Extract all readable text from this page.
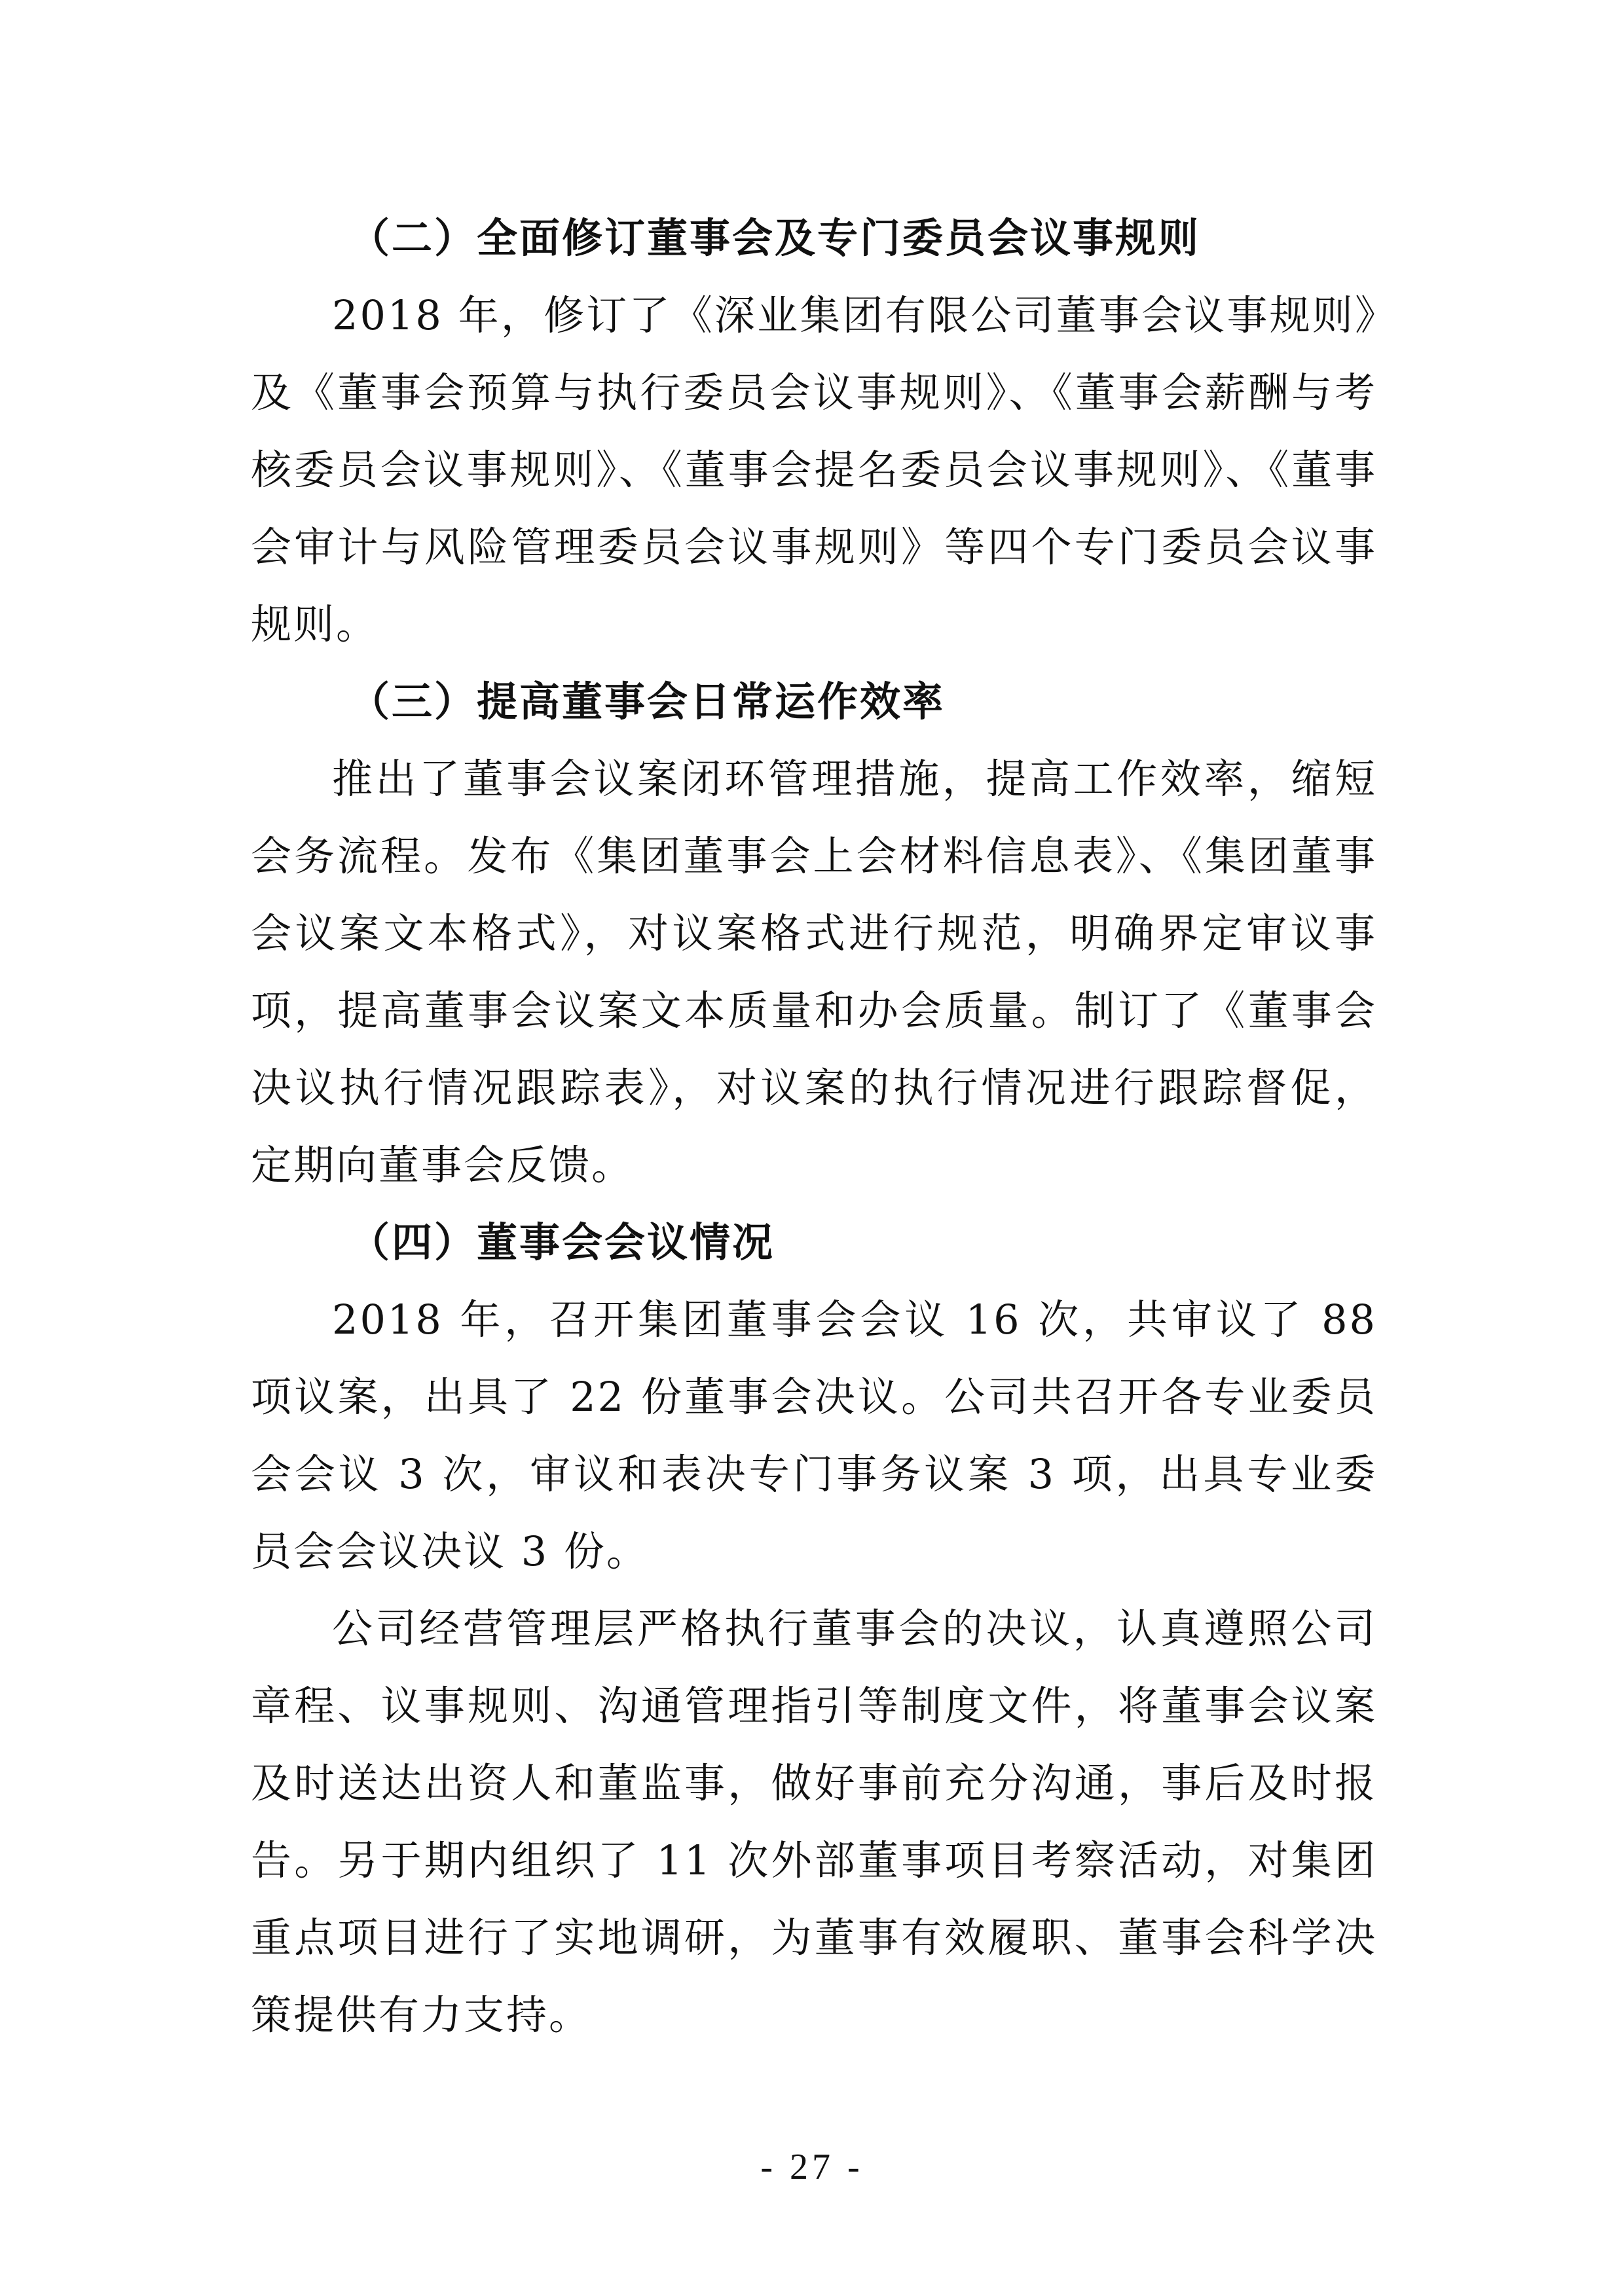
（二）全面修订董事会及专门委员会议事规则

2018 年，修订了《深业集团有限公司董事会议事规则》及《董事会预算与执行委员会议事规则》、《董事会薪酬与考核委员会议事规则》、《董事会提名委员会议事规则》、《董事会审计与风险管理委员会议事规则》等四个专门委员会议事规则。

（三）提高董事会日常运作效率

推出了董事会议案闭环管理措施，提高工作效率，缩短会务流程。发布《集团董事会上会材料信息表》、《集团董事会议案文本格式》，对议案格式进行规范，明确界定审议事项，提高董事会议案文本质量和办会质量。制订了《董事会决议执行情况跟踪表》，对议案的执行情况进行跟踪督促，定期向董事会反馈。

（四）董事会会议情况

2018 年，召开集团董事会会议 16 次，共审议了 88 项议案，出具了 22 份董事会决议。公司共召开各专业委员会会议 3 次，审议和表决专门事务议案 3 项，出具专业委员会会议决议 3 份。

公司经营管理层严格执行董事会的决议，认真遵照公司章程、议事规则、沟通管理指引等制度文件，将董事会议案及时送达出资人和董监事，做好事前充分沟通，事后及时报告。另于期内组织了 11 次外部董事项目考察活动，对集团重点项目进行了实地调研，为董事有效履职、董事会科学决策提供有力支持。

- 27 -
